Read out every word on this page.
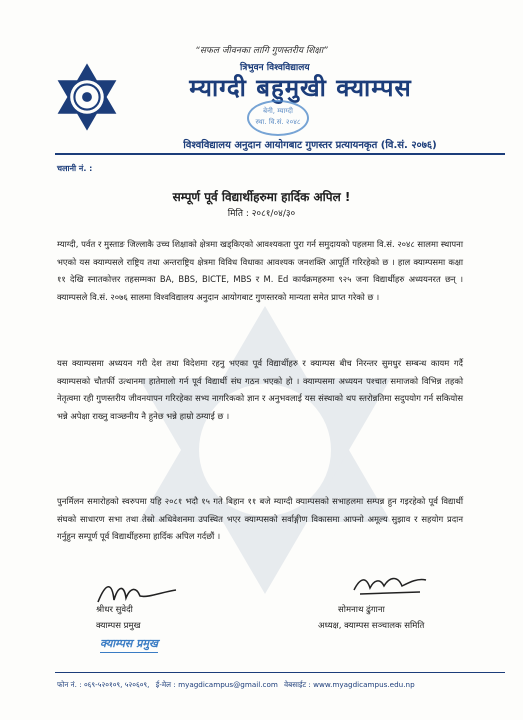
“सफल जीवनका लागि गुणस्तरीय शिक्षा”
त्रिभुवन विश्वविद्यालय
म्याग्दी बहुमुखी क्याम्पस
बेनी, म्याग्दी
स्था. वि.सं. २०४८
विश्वविद्यालय अनुदान आयोगबाट गुणस्तर प्रत्यायनकृत (वि.सं. २०७६)
चलानी नं. :
सम्पूर्ण पूर्व विद्यार्थीहरुमा हार्दिक अपिल !
मिति : २०८१/०४/३०
म्याग्दी, पर्वत र मुस्ताङ जिल्लाकै उच्च शिक्षाको क्षेत्रमा खड्किएको आवश्यकता पुरा गर्न समुदायको पहलमा वि.सं. २०४८ सालमा स्थापना भएको यस क्याम्पसले राष्ट्रिय तथा अन्तराष्ट्रिय क्षेत्रमा विविध विधाका आवश्यक जनशक्ति आपूर्ति गरिरहेको छ । हाल क्याम्पसमा कक्षा ११ देखि स्नातकोत्तर तहसम्मका BA, BBS, BICTE, MBS र M. Ed कार्यक्रमहरुमा ९२५ जना विद्यार्थीहरु अध्ययनरत छन् । क्याम्पसले वि.सं. २०७६ सालमा विश्वविद्यालय अनुदान आयोगबाट गुणस्तरको मान्यता समेत प्राप्त गरेको छ ।
यस क्याम्पसमा अध्ययन गरी देश तथा विदेशमा रहनु भएका पूर्व विद्यार्थीहरु र क्याम्पस बीच निरन्तर सुमधुर सम्बन्ध कायम गर्दै क्याम्पसको चौतर्फी उत्थानमा हातेमालो गर्न पूर्व विद्यार्थी संघ गठन भएको हो । क्याम्पसमा अध्ययन पश्चात समाजको विभिन्न तहको नेतृत्वमा रही गुणस्तरीय जीवनयापन गरिरहेका सभ्य नागरिकको ज्ञान र अनुभवलाई यस संस्थाको थप स्तरोन्नतिमा सदुपयोग गर्न सकियोस भन्ने अपेक्षा राख्नु वाञ्छनीय नै हुनेछ भन्ने हाम्रो ठम्याई छ ।
पुनर्मिलन समारोहको स्वरुपमा यहि २०८१ भदौ १५ गते बिहान ११ बजे म्याग्दी क्याम्पसको सभाहलमा सम्पन्न हुन गइरहेको पूर्व विद्यार्थी संघको साधारण सभा तथा तेस्रो अधिवेशनमा उपस्थित भएर क्याम्पसको सर्वाङ्गीण विकासमा आफ्नो अमूल्य सुझाव र सहयोग प्रदान गर्नुहुन सम्पूर्ण पूर्व विद्यार्थीहरुमा हार्दिक अपिल गर्दछौं ।
श्रीधर सुवेदी
क्याम्पस प्रमुख
क्याम्पस प्रमुख
सोमनाथ ढुंगाना
अध्यक्ष, क्याम्पस सञ्चालक समिति
फोन नं. : ०६९-५२०१०९, ५२०६०९, ई-मेल : myagdicampus@gmail.com वेबसाईट : www.myagdicampus.edu.np
